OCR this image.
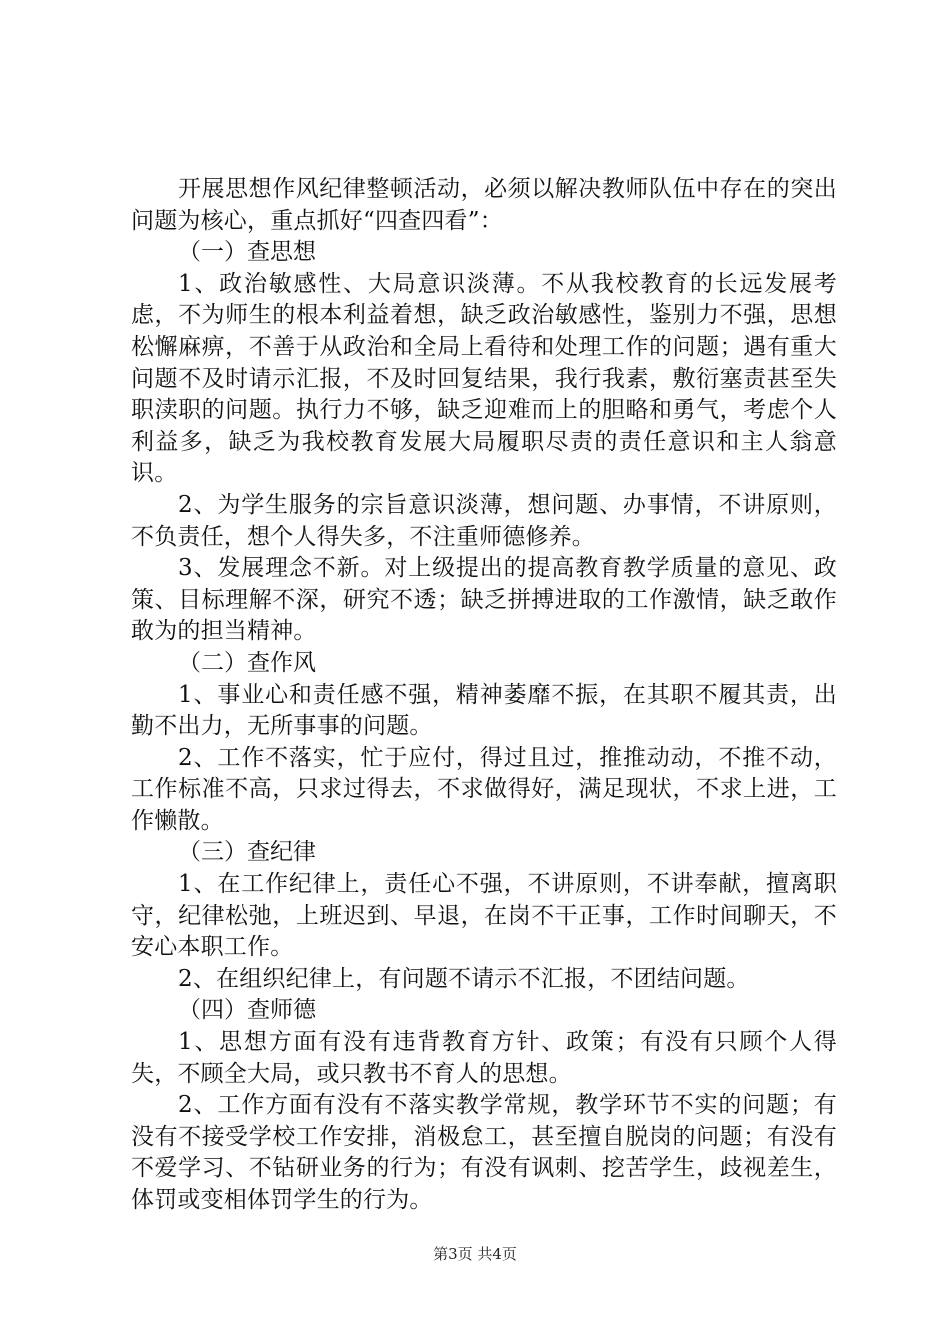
开展思想作风纪律整顿活动，必须以解决教师队伍中存在的突出问题为核心，重点抓好“四查四看”：

（一）查思想

1、政治敏感性、大局意识淡薄。不从我校教育的长远发展考虑，不为师生的根本利益着想，缺乏政治敏感性，鉴别力不强，思想松懈麻痹，不善于从政治和全局上看待和处理工作的问题；遇有重大问题不及时请示汇报，不及时回复结果，我行我素，敷衍塞责甚至失职渎职的问题。执行力不够，缺乏迎难而上的胆略和勇气，考虑个人利益多，缺乏为我校教育发展大局履职尽责的责任意识和主人翁意识。

2、为学生服务的宗旨意识淡薄，想问题、办事情，不讲原则，不负责任，想个人得失多，不注重师德修养。

3、发展理念不新。对上级提出的提高教育教学质量的意见、政策、目标理解不深，研究不透；缺乏拼搏进取的工作激情，缺乏敢作敢为的担当精神。

（二）查作风

1、事业心和责任感不强，精神萎靡不振，在其职不履其责，出勤不出力，无所事事的问题。

2、工作不落实，忙于应付，得过且过，推推动动，不推不动，工作标准不高，只求过得去，不求做得好，满足现状，不求上进，工作懒散。

（三）查纪律

1、在工作纪律上，责任心不强，不讲原则，不讲奉献，擅离职守，纪律松弛，上班迟到、早退，在岗不干正事，工作时间聊天，不安心本职工作。

2、在组织纪律上，有问题不请示不汇报，不团结问题。

（四）查师德

1、思想方面有没有违背教育方针、政策；有没有只顾个人得失，不顾全大局，或只教书不育人的思想。

2、工作方面有没有不落实教学常规，教学环节不实的问题；有没有不接受学校工作安排，消极怠工，甚至擅自脱岗的问题；有没有不爱学习、不钻研业务的行为；有没有讽刺、挖苦学生，歧视差生，体罚或变相体罚学生的行为。

第3页 共4页
